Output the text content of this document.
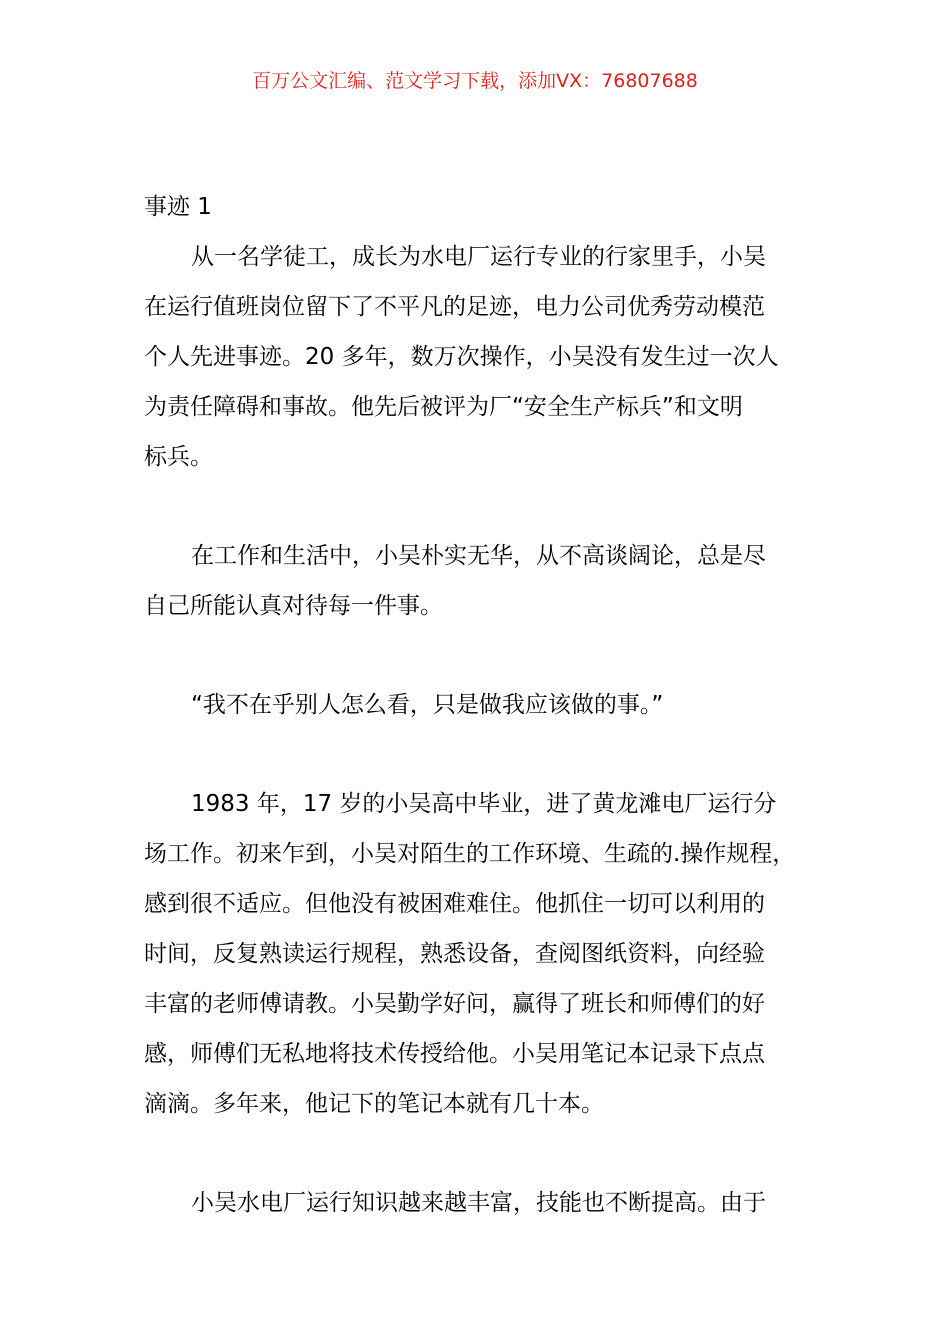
百万公文汇编、范文学习下载，添加VX：76807688
事迹 1
从一名学徒工，成长为水电厂运行专业的行家里手，小吴
在运行值班岗位留下了不平凡的足迹，电力公司优秀劳动模范
个人先进事迹。20 多年，数万次操作，小吴没有发生过一次人
为责任障碍和事故。他先后被评为厂“安全生产标兵”和文明
标兵。
在工作和生活中，小吴朴实无华，从不高谈阔论，总是尽
自己所能认真对待每一件事。
“我不在乎别人怎么看，只是做我应该做的事。”
1983 年，17 岁的小吴高中毕业，进了黄龙滩电厂运行分
场工作。初来乍到，小吴对陌生的工作环境、生疏的.操作规程，
感到很不适应。但他没有被困难难住。他抓住一切可以利用的
时间，反复熟读运行规程，熟悉设备，查阅图纸资料，向经验
丰富的老师傅请教。小吴勤学好问，赢得了班长和师傅们的好
感，师傅们无私地将技术传授给他。小吴用笔记本记录下点点
滴滴。多年来，他记下的笔记本就有几十本。
小吴水电厂运行知识越来越丰富，技能也不断提高。由于
